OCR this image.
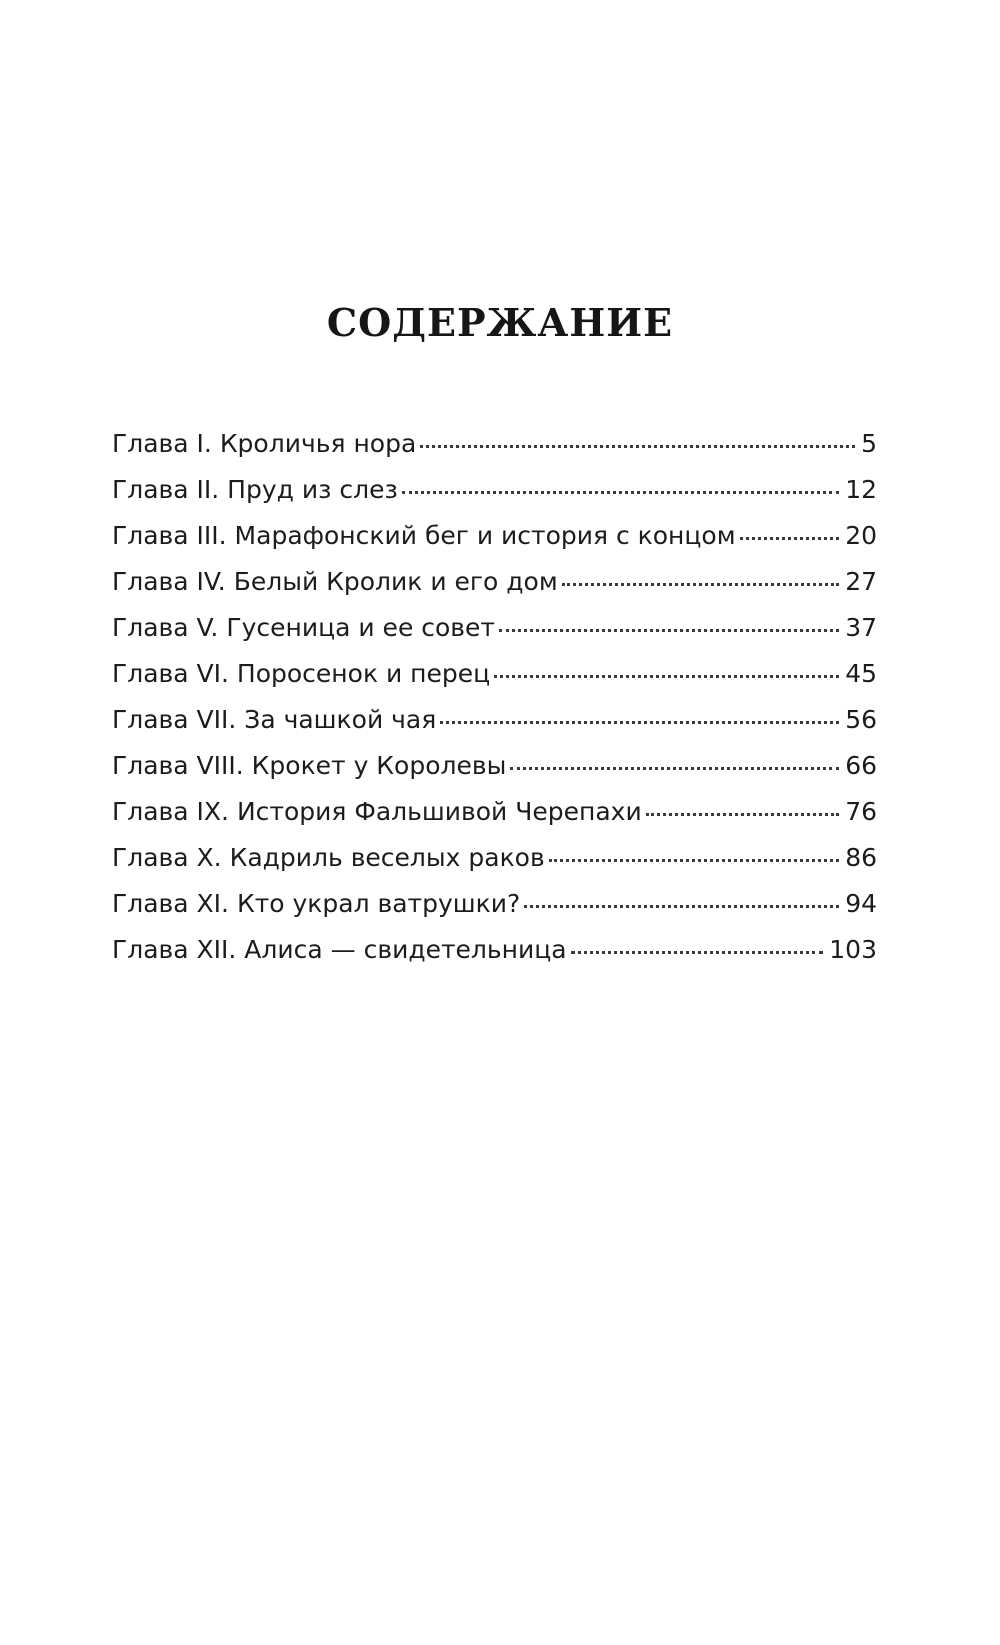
СОДЕРЖАНИЕ
Глава I. Кроличья нора	5
Глава II. Пруд из слез	12
Глава III. Марафонский бег и история с концом	20
Глава IV. Белый Кролик и его дом	27
Глава V. Гусеница и ее совет	37
Глава VI. Поросенок и перец	45
Глава VII. За чашкой чая	56
Глава VIII. Крокет у Королевы	66
Глава IX. История Фальшивой Черепахи	76
Глава X. Кадриль веселых раков	86
Глава XI. Кто украл ватрушки?	94
Глава XII. Алиса — свидетельница	103
